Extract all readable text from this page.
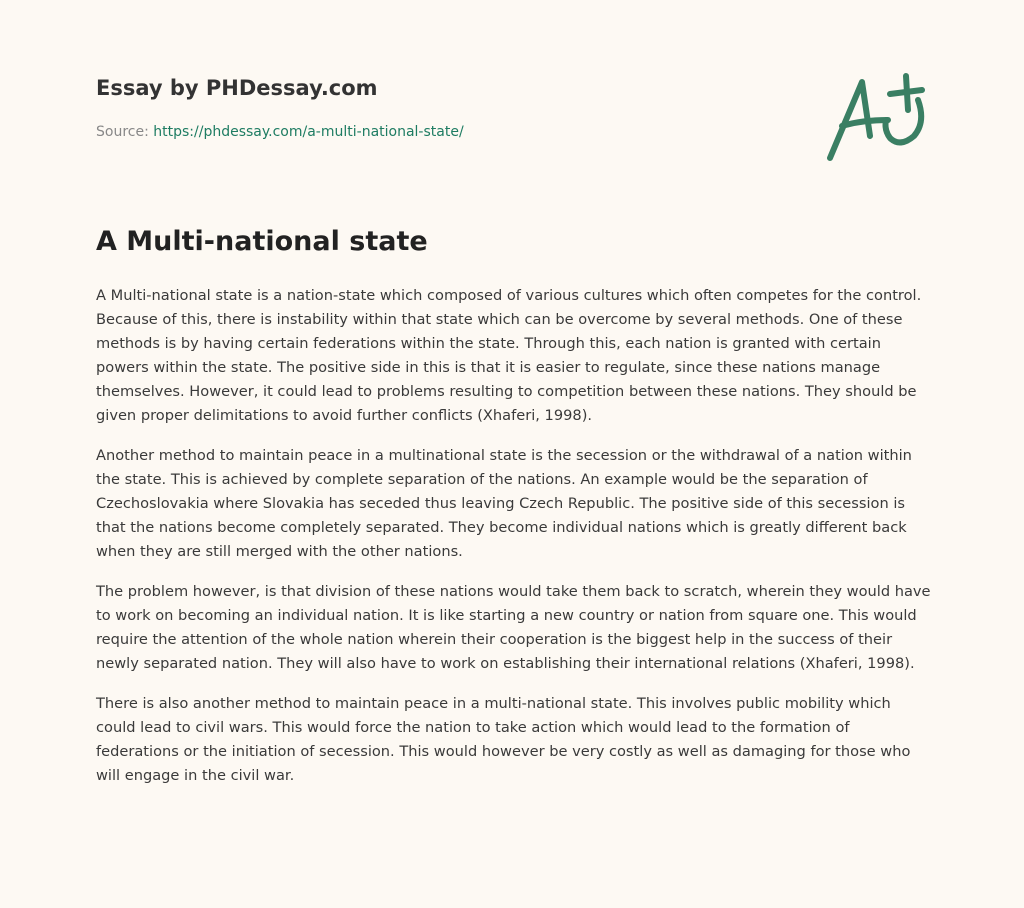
Essay by PHDessay.com
Source: https://phdessay.com/a-multi-national-state/
A Multi-national state

A Multi-national state is a nation-state which composed of various cultures which often competes for the control. Because of this, there is instability within that state which can be overcome by several methods. One of these methods is by having certain federations within the state. Through this, each nation is granted with certain powers within the state. The positive side in this is that it is easier to regulate, since these nations manage themselves. However, it could lead to problems resulting to competition between these nations. They should be given proper delimitations to avoid further conflicts (Xhaferi, 1998).

Another method to maintain peace in a multinational state is the secession or the withdrawal of a nation within the state. This is achieved by complete separation of the nations. An example would be the separation of Czechoslovakia where Slovakia has seceded thus leaving Czech Republic. The positive side of this secession is that the nations become completely separated. They become individual nations which is greatly different back when they are still merged with the other nations.

The problem however, is that division of these nations would take them back to scratch, wherein they would have to work on becoming an individual nation. It is like starting a new country or nation from square one. This would require the attention of the whole nation wherein their cooperation is the biggest help in the success of their newly separated nation. They will also have to work on establishing their international relations (Xhaferi, 1998).

There is also another method to maintain peace in a multi-national state. This involves public mobility which could lead to civil wars. This would force the nation to take action which would lead to the formation of federations or the initiation of secession. This would however be very costly as well as damaging for those who will engage in the civil war.
